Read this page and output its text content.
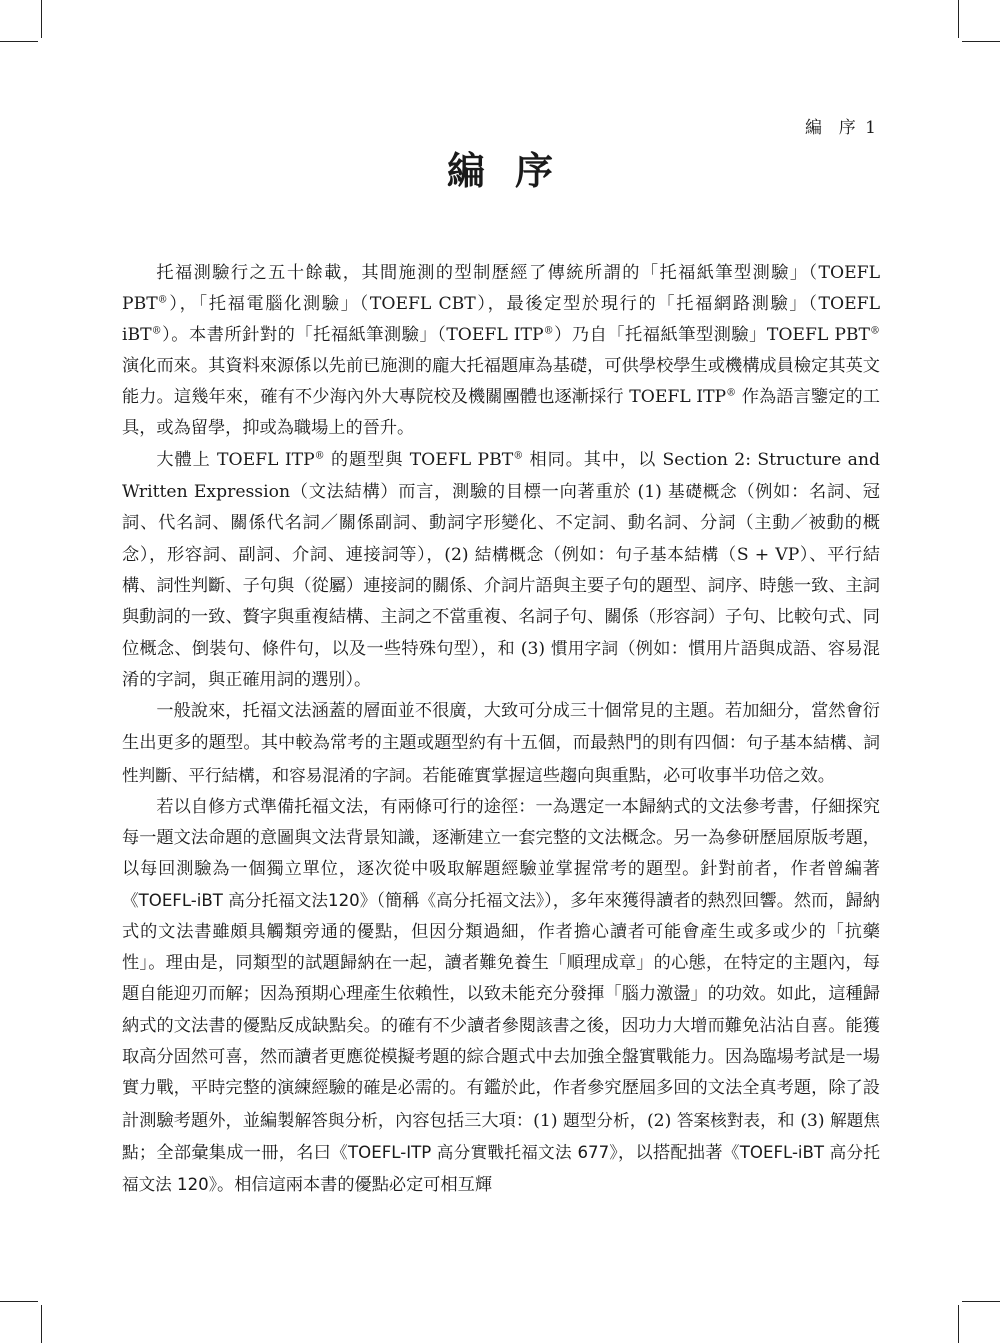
編  序 1
編序

托福測驗行之五十餘載，其間施測的型制歷經了傳統所謂的「托福紙筆型測驗」（TOEFL PBT®），「托福電腦化測驗」（TOEFL CBT），最後定型於現行的「托福網路測驗」（TOEFL iBT®）。本書所針對的「托福紙筆測驗」（TOEFL ITP®）乃自「托福紙筆型測驗」TOEFL PBT® 演化而來。其資料來源係以先前已施測的龐大托福題庫為基礎，可供學校學生或機構成員檢定其英文能力。這幾年來，確有不少海內外大專院校及機關團體也逐漸採行 TOEFL ITP® 作為語言鑒定的工具，或為留學，抑或為職場上的晉升。

大體上 TOEFL ITP® 的題型與 TOEFL PBT® 相同。其中，以 Section 2: Structure and Written Expression（文法結構）而言，測驗的目標一向著重於 (1) 基礎概念（例如：名詞、冠詞、代名詞、關係代名詞／關係副詞、動詞字形變化、不定詞、動名詞、分詞（主動／被動的概念），形容詞、副詞、介詞、連接詞等），(2) 結構概念（例如：句子基本結構（S + VP）、平行結構、詞性判斷、子句與（從屬）連接詞的關係、介詞片語與主要子句的題型、詞序、時態一致、主詞與動詞的一致、贅字與重複結構、主詞之不當重複、名詞子句、關係（形容詞）子句、比較句式、同位概念、倒裝句、條件句，以及一些特殊句型），和 (3) 慣用字詞（例如：慣用片語與成語、容易混淆的字詞，與正確用詞的選別）。

一般說來，托福文法涵蓋的層面並不很廣，大致可分成三十個常見的主題。若加細分，當然會衍生出更多的題型。其中較為常考的主題或題型約有十五個，而最熱門的則有四個：句子基本結構、詞性判斷、平行結構，和容易混淆的字詞。若能確實掌握這些趨向與重點，必可收事半功倍之效。

若以自修方式準備托福文法，有兩條可行的途徑：一為選定一本歸納式的文法參考書，仔細探究每一題文法命題的意圖與文法背景知識，逐漸建立一套完整的文法概念。另一為參研歷屆原版考題，以每回測驗為一個獨立單位，逐次從中吸取解題經驗並掌握常考的題型。針對前者，作者曾編著《TOEFL-iBT 高分托福文法120》（簡稱《高分托福文法》），多年來獲得讀者的熱烈回響。然而，歸納式的文法書雖頗具觸類旁通的優點，但因分類過細，作者擔心讀者可能會產生或多或少的「抗藥性」。理由是，同類型的試題歸納在一起，讀者難免養生「順理成章」的心態，在特定的主題內，每題自能迎刃而解；因為預期心理產生依賴性，以致未能充分發揮「腦力激盪」的功效。如此，這種歸納式的文法書的優點反成缺點矣。的確有不少讀者參閱該書之後，因功力大增而難免沾沾自喜。能獲取高分固然可喜，然而讀者更應從模擬考題的綜合題式中去加強全盤實戰能力。因為臨場考試是一場實力戰，平時完整的演練經驗的確是必需的。有鑑於此，作者參究歷屆多回的文法全真考題，除了設計測驗考題外，並編製解答與分析，內容包括三大項：(1) 題型分析，(2) 答案核對表，和 (3) 解題焦點；全部彙集成一冊，名曰《TOEFL-ITP 高分實戰托福文法 677》，以搭配拙著《TOEFL-iBT 高分托福文法 120》。相信這兩本書的優點必定可相互輝
